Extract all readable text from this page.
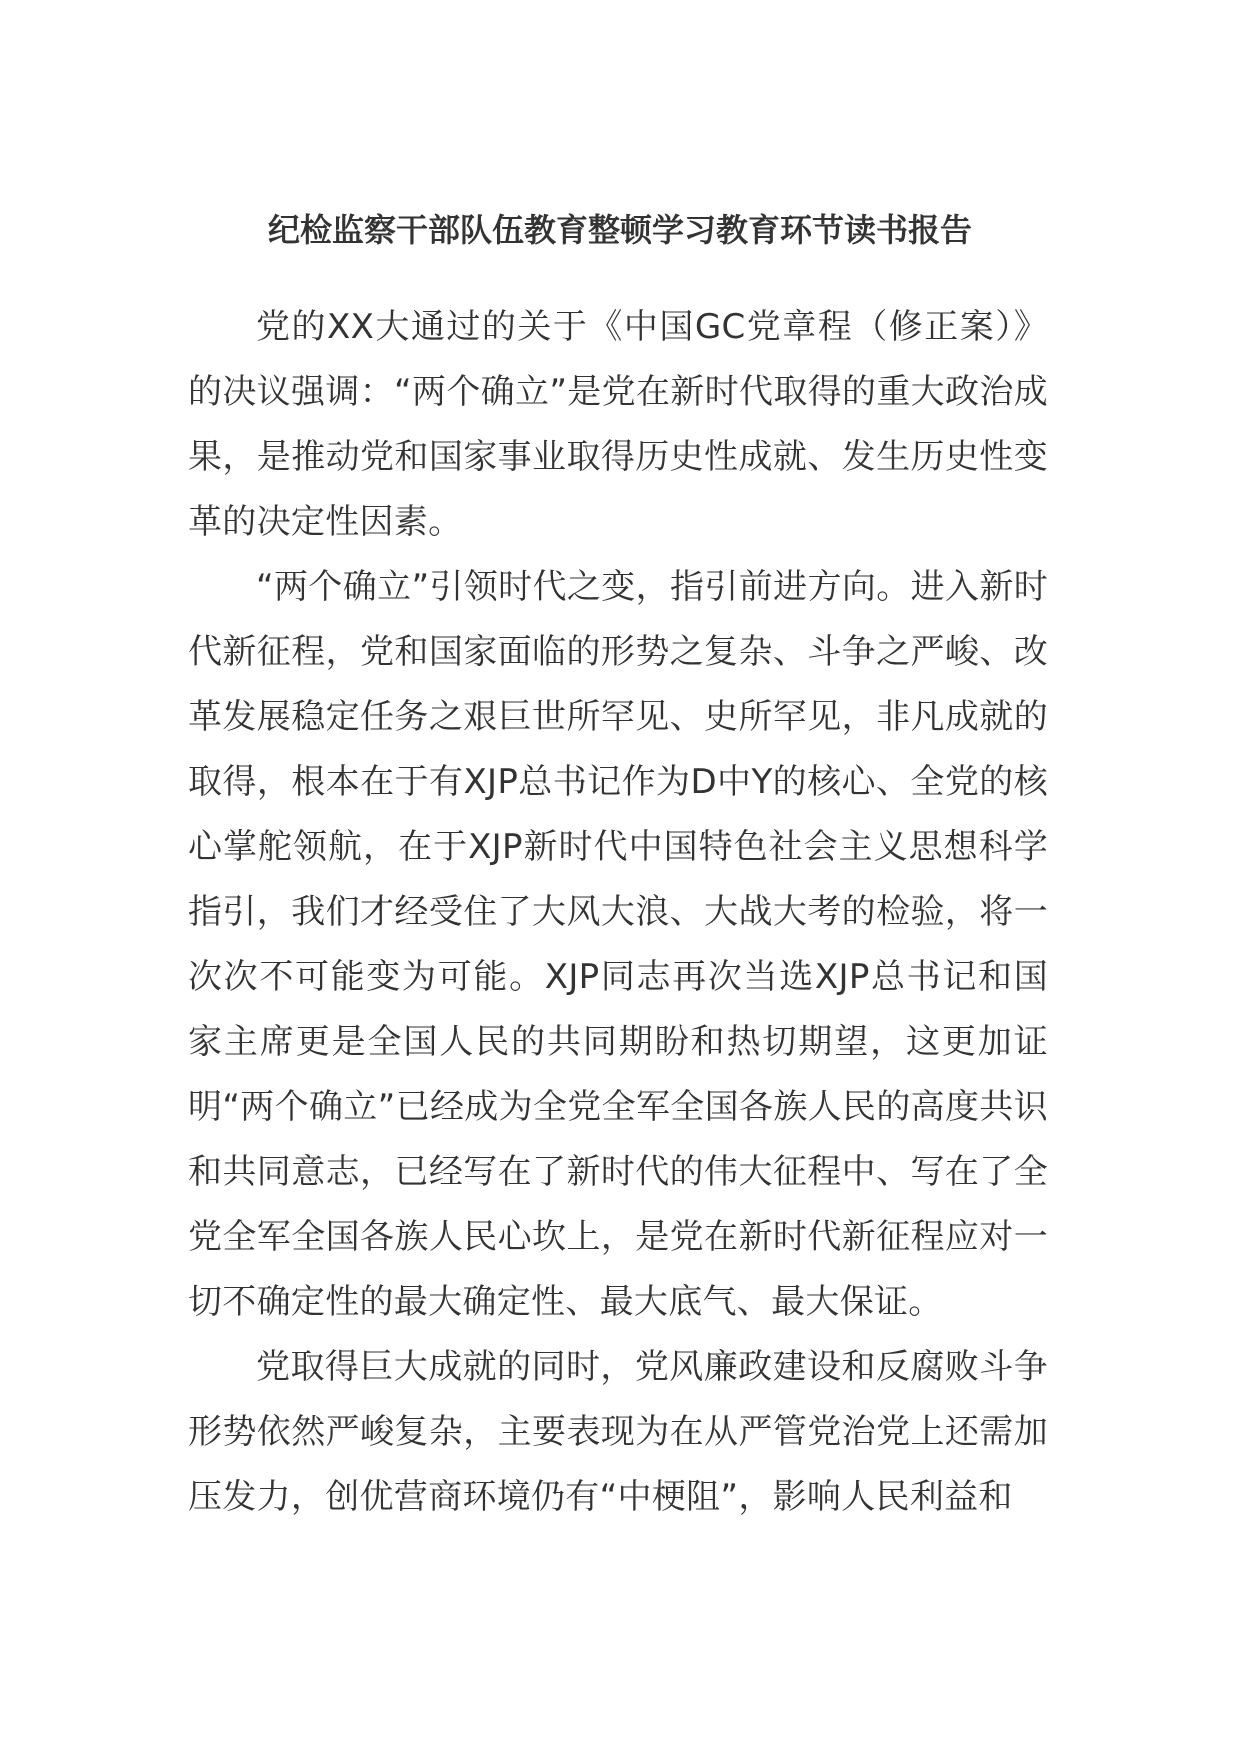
纪检监察干部队伍教育整顿学习教育环节读书报告

党的XX大通过的关于《中国GC党章程（修正案）》的决议强调：“两个确立”是党在新时代取得的重大政治成果，是推动党和国家事业取得历史性成就、发生历史性变革的决定性因素。

“两个确立”引领时代之变，指引前进方向。进入新时代新征程，党和国家面临的形势之复杂、斗争之严峻、改革发展稳定任务之艰巨世所罕见、史所罕见，非凡成就的取得，根本在于有XJP总书记作为D中Y的核心、全党的核心掌舵领航，在于XJP新时代中国特色社会主义思想科学指引，我们才经受住了大风大浪、大战大考的检验，将一次次不可能变为可能。XJP同志再次当选XJP总书记和国家主席更是全国人民的共同期盼和热切期望，这更加证明“两个确立”已经成为全党全军全国各族人民的高度共识和共同意志，已经写在了新时代的伟大征程中、写在了全党全军全国各族人民心坎上，是党在新时代新征程应对一切不确定性的最大确定性、最大底气、最大保证。

党取得巨大成就的同时，党风廉政建设和反腐败斗争形势依然严峻复杂，主要表现为在从严管党治党上还需加压发力，创优营商环境仍有“中梗阻”，影响人民利益和
